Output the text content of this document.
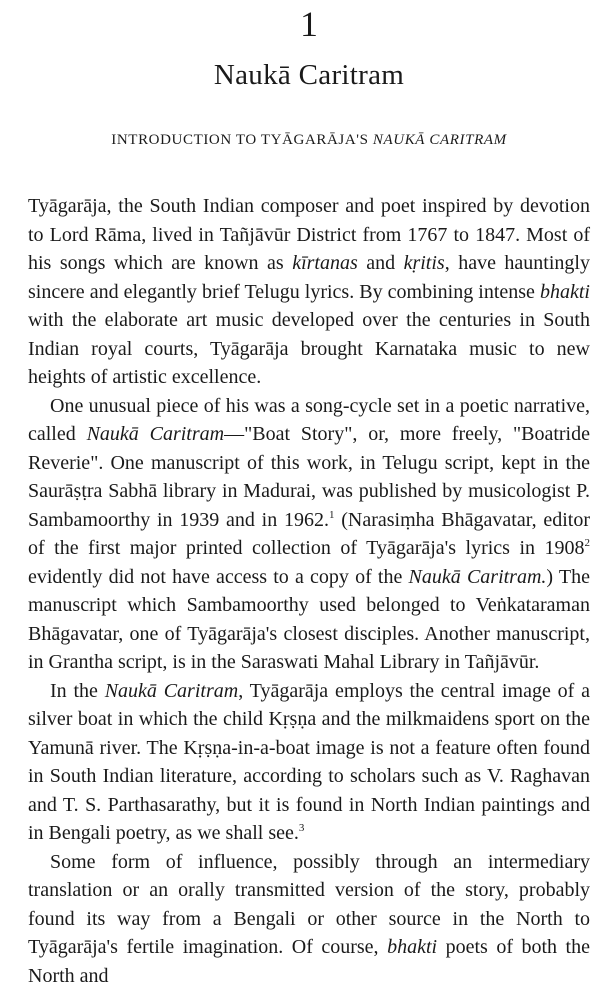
1
Naukā Caritram
INTRODUCTION TO TYĀGARĀJA'S NAUKĀ CARITRAM

Tyāgarāja, the South Indian composer and poet inspired by devotion to Lord Rāma, lived in Tañjāvūr District from 1767 to 1847. Most of his songs which are known as kīrtanas and kṛitis, have hauntingly sincere and elegantly brief Telugu lyrics. By combining intense bhakti with the elaborate art music developed over the centuries in South Indian royal courts, Tyāgarāja brought Karnataka music to new heights of artistic excellence.

One unusual piece of his was a song-cycle set in a poetic narrative, called Naukā Caritram—"Boat Story", or, more freely, "Boatride Reverie". One manuscript of this work, in Telugu script, kept in the Saurāṣṭra Sabhā library in Madurai, was published by musicologist P. Sambamoorthy in 1939 and in 1962.$^1$ (Narasiṃha Bhāgavatar, editor of the first major printed collection of Tyāgarāja's lyrics in 1908$^2$ evidently did not have access to a copy of the Naukā Caritram.) The manuscript which Sambamoorthy used belonged to Veṅkataraman Bhāgavatar, one of Tyāgarāja's closest disciples. Another manuscript, in Grantha script, is in the Saraswati Mahal Library in Tañjāvūr.

In the Naukā Caritram, Tyāgarāja employs the central image of a silver boat in which the child Kṛṣṇa and the milkmaidens sport on the Yamunā river. The Kṛṣṇa-in-a-boat image is not a feature often found in South Indian literature, according to scholars such as V. Raghavan and T. S. Parthasarathy, but it is found in North Indian paintings and in Bengali poetry, as we shall see.$^3$

Some form of influence, possibly through an intermediary translation or an orally transmitted version of the story, probably found its way from a Bengali or other source in the North to Tyāgarāja's fertile imagination. Of course, bhakti poets of both the North and
